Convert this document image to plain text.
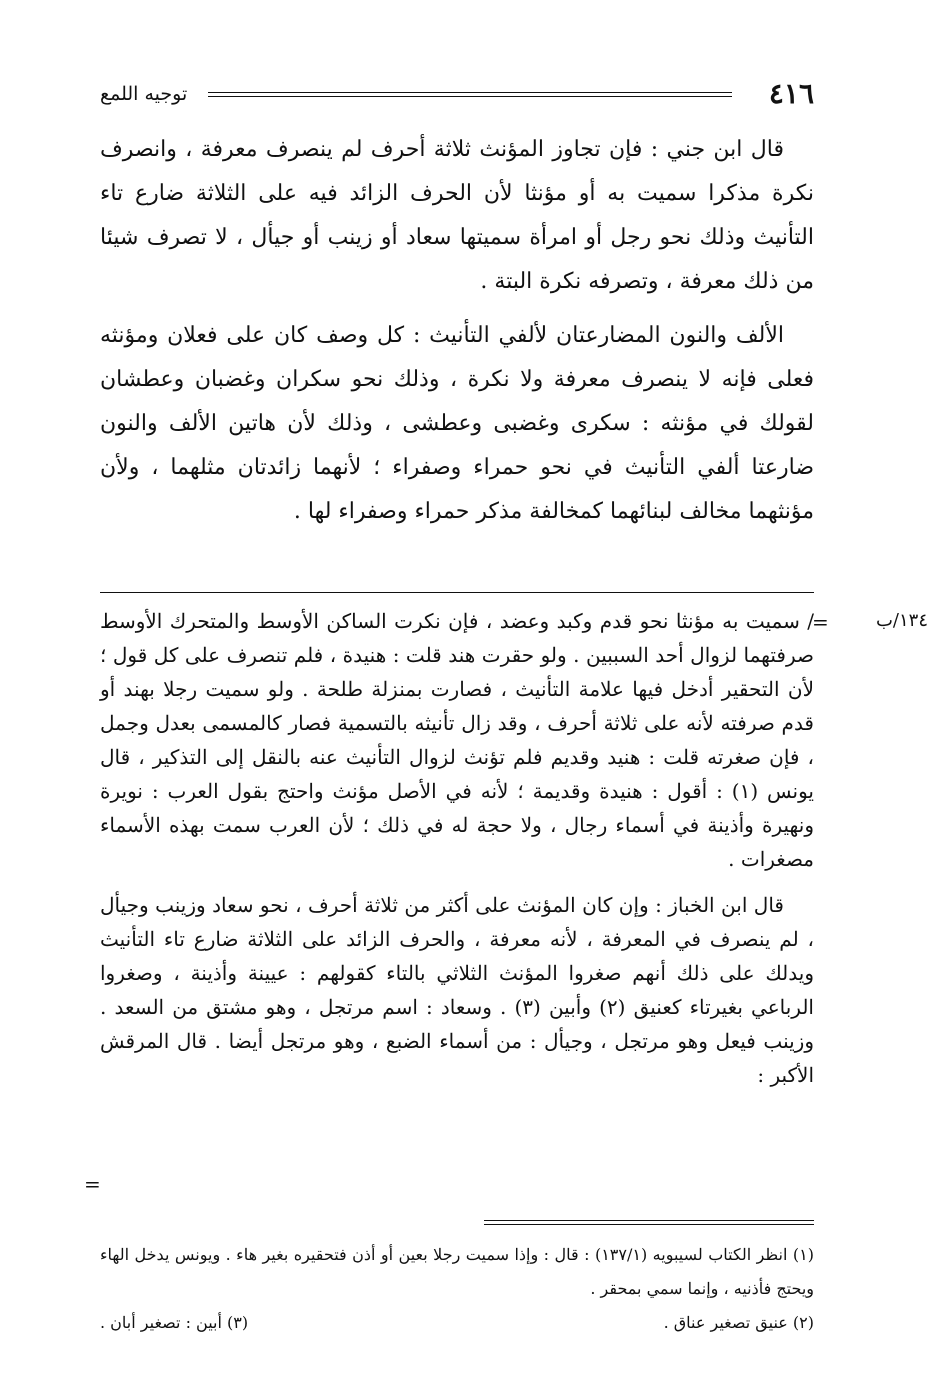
٤١٦
توجيه اللمع

قال ابن جني : فإن تجاوز المؤنث ثلاثة أحرف لم ينصرف معرفة ، وانصرف نكرة مذكرا سميت به أو مؤنثا لأن الحرف الزائد فيه على الثلاثة ضارع تاء التأنيث وذلك نحو رجل أو امرأة سميتها سعاد أو زينب أو جيأل ، لا تصرف شيئا من ذلك معرفة ، وتصرفه نكرة البتة .

الألف والنون المضارعتان لألفي التأنيث : كل وصف كان على فعلان ومؤنثه فعلى فإنه لا ينصرف معرفة ولا نكرة ، وذلك نحو سكران وغضبان وعطشان لقولك في مؤنثه : سكرى وغضبى وعطشى ، وذلك لأن هاتين الألف والنون ضارعتا ألفي التأنيث في نحو حمراء وصفراء ؛ لأنهما زائدتان مثلهما ، ولأن مؤنثهما مخالف لبنائهما كمخالفة مذكر حمراء وصفراء لها .

١٣٤/ب
=

/ سميت به مؤنثا نحو قدم وكبد وعضد ، فإن نكرت الساكن الأوسط والمتحرك الأوسط صرفتهما لزوال أحد السببين . ولو حقرت هند قلت : هنيدة ، فلم تنصرف على كل قول ؛ لأن التحقير أدخل فيها علامة التأنيث ، فصارت بمنزلة طلحة . ولو سميت رجلا بهند أو قدم صرفته لأنه على ثلاثة أحرف ، وقد زال تأنيثه بالتسمية فصار كالمسمى بعدل وجمل ، فإن صغرته قلت : هنيد وقديم فلم تؤنث لزوال التأنيث عنه بالنقل إلى التذكير ، قال يونس (١) : أقول : هنيدة وقديمة ؛ لأنه في الأصل مؤنث واحتج بقول العرب : نويرة ونهيرة وأذينة في أسماء رجال ، ولا حجة له في ذلك ؛ لأن العرب سمت بهذه الأسماء مصغرات .

قال ابن الخباز : وإن كان المؤنث على أكثر من ثلاثة أحرف ، نحو سعاد وزينب وجيأل ، لم ينصرف في المعرفة ، لأنه معرفة ، والحرف الزائد على الثلاثة ضارع تاء التأنيث ويدلك على ذلك أنهم صغروا المؤنث الثلاثي بالتاء كقولهم : عيينة وأذينة ، وصغروا الرباعي بغيرتاء كعنيق (٢) وأبين (٣) . وسعاد : اسم مرتجل ، وهو مشتق من السعد . وزينب فيعل وهو مرتجل ، وجيأل : من أسماء الضبع ، وهو مرتجل أيضا . قال المرقش الأكبر :

=

(١) انظر الكتاب لسيبويه (١٣٧/١) : قال : وإذا سميت رجلا بعين أو أذن فتحقيره بغير هاء . ويونس يدخل الهاء ويحتج فأذنيه ، وإنما سمي بمحقر .

(٢) عنيق تصغير عناق .
(٣) أبين : تصغير أبان .
